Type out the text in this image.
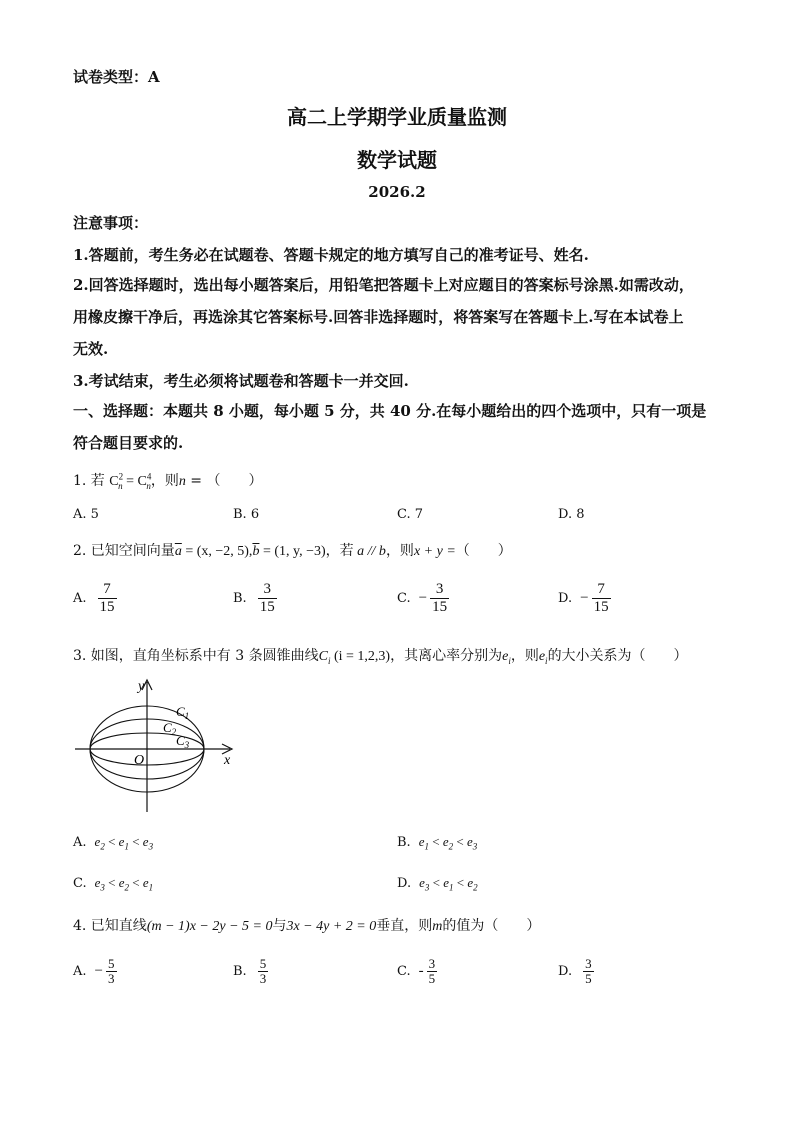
试卷类型：A
高二上学期学业质量监测
数学试题
2026.2
注意事项：
1.答题前，考生务必在试题卷、答题卡规定的地方填写自己的准考证号、姓名.
2.回答选择题时，选出每小题答案后，用铅笔把答题卡上对应题目的答案标号涂黑.如需改动，
用橡皮擦干净后，再选涂其它答案标号.回答非选择题时，将答案写在答题卡上.写在本试卷上
无效.
3.考试结束，考生必须将试题卷和答题卡一并交回.
一、选择题：本题共 8 小题，每小题 5 分，共 40 分.在每小题给出的四个选项中，只有一项是
符合题目要求的.
1. 若 $C^2_n = C^4_n$，则n = （　　）
A. 5	B. 6	C. 7	D. 8
2. 已知空间向量$\overline{a} = (x$, −2, $5),\overline{b} = (1$, y, −3)，若 a // b，则x + y =（　　）
A. $\frac{7}{15}$	B. $\frac{3}{15}$	C. − $\frac{3}{15}$	D. − $\frac{7}{15}$
3. 如图，直角坐标系中有 3 条圆锥曲线$C_i$ (i = 1,2,3)，其离心率分别为$e_i$，则$e_i$的大小关系为（　　）
y
x
O
$C_1$
$C_2$
$C_3$
A. $e_2 < e_1 < e_3$	B. $e_1 < e_2 < e_3$
C. $e_3 < e_2 < e_1$	D. $e_3 < e_1 < e_2$
4. 已知直线(m − 1)x − 2y − 5 = 0与3x − 4y + 2 = 0垂直，则m的值为（　　）
A. − $\frac{5}{3}$	B. $\frac{5}{3}$	C. - $\frac{3}{5}$	D. $\frac{3}{5}$
